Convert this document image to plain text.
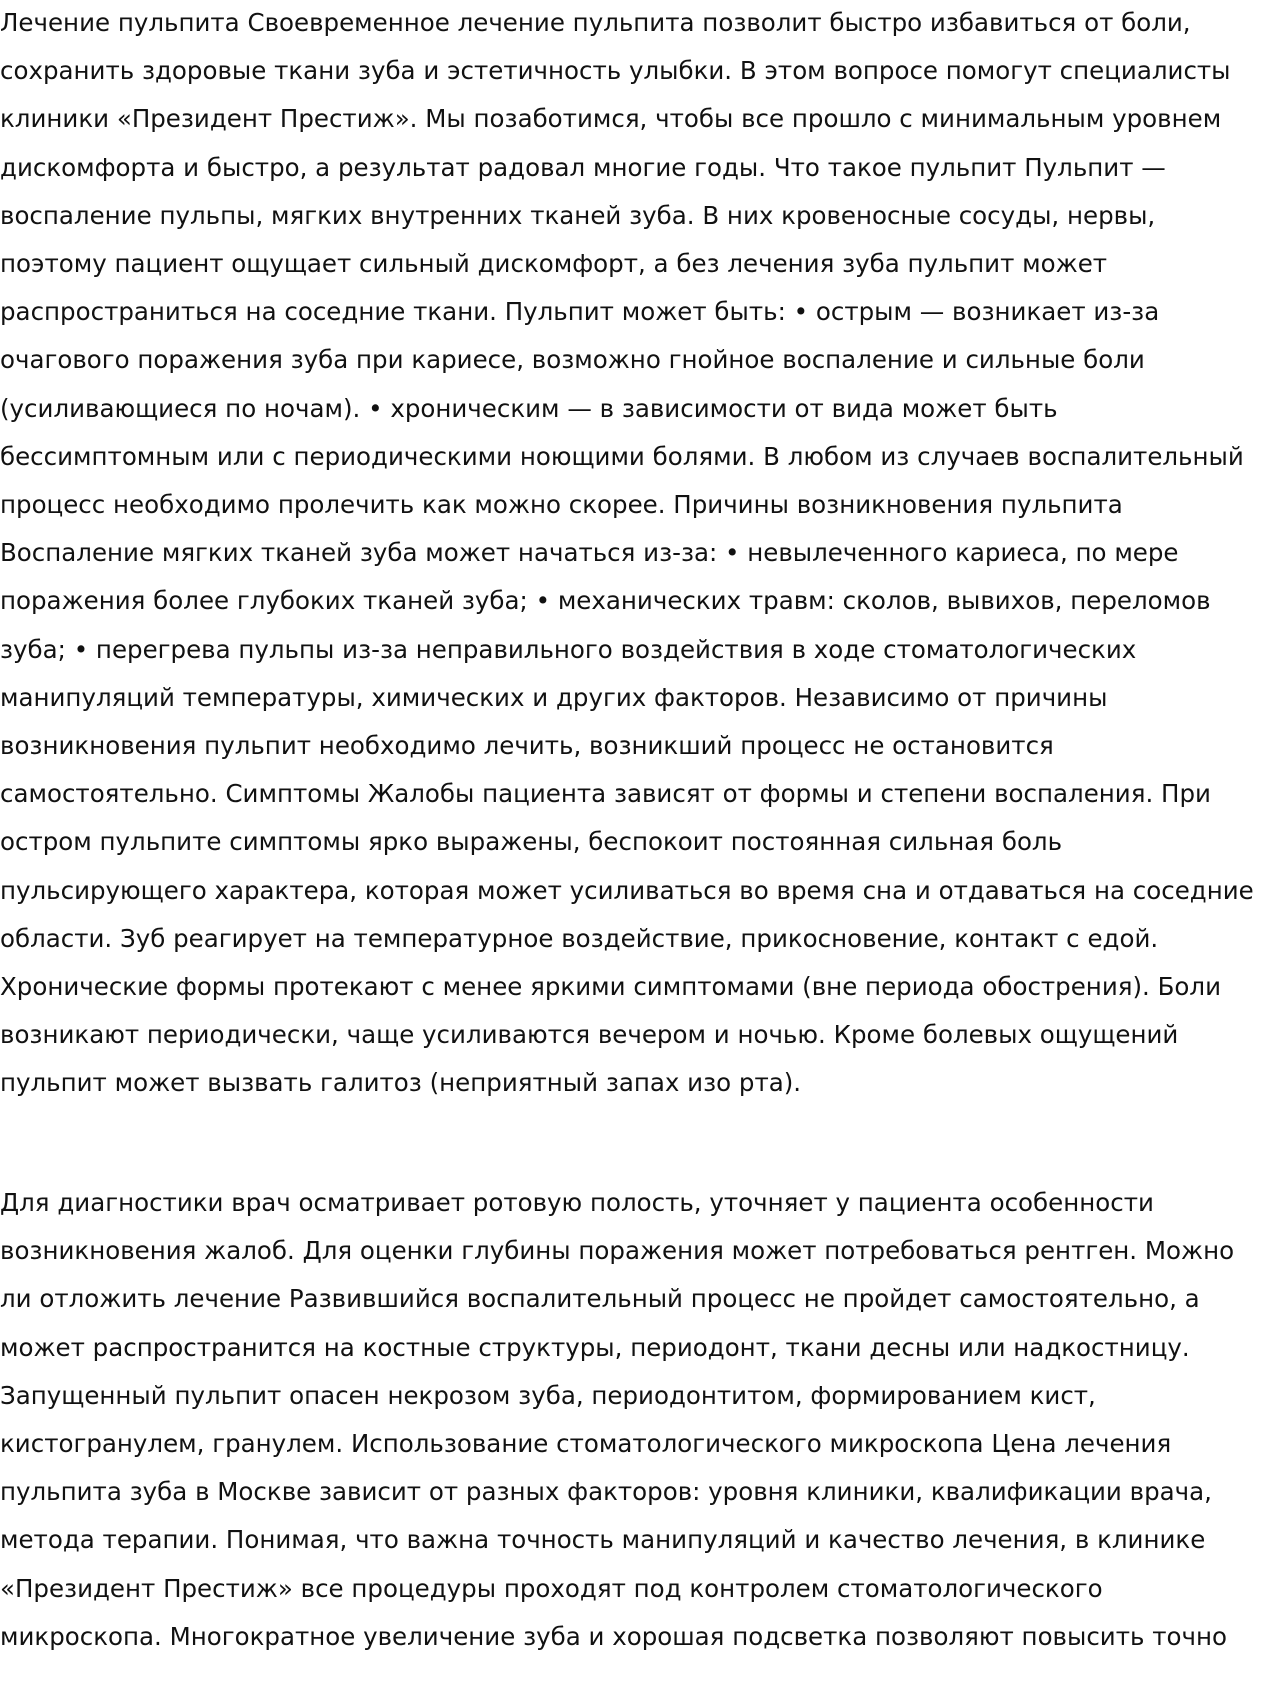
Лечение пульпита Своевременное лечение пульпита позволит быстро избавиться от боли, сохранить здоровые ткани зуба и эстетичность улыбки. В этом вопросе помогут специалисты клиники «Президент Престиж». Мы позаботимся, чтобы все прошло с минимальным уровнем дискомфорта и быстро, а результат радовал многие годы. Что такое пульпит Пульпит — воспаление пульпы, мягких внутренних тканей зуба. В них кровеносные сосуды, нервы, поэтому пациент ощущает сильный дискомфорт, а без лечения зуба пульпит может распространиться на соседние ткани. Пульпит может быть: • острым — возникает из-за очагового поражения зуба при кариесе, возможно гнойное воспаление и сильные боли (усиливающиеся по ночам). • хроническим — в зависимости от вида может быть бессимптомным или с периодическими ноющими болями. В любом из случаев воспалительный процесс необходимо пролечить как можно скорее. Причины возникновения пульпита Воспаление мягких тканей зуба может начаться из-за: • невылеченного кариеса, по мере поражения более глубоких тканей зуба; • механических травм: сколов, вывихов, переломов зуба; • перегрева пульпы из-за неправильного воздействия в ходе стоматологических манипуляций температуры, химических и других факторов. Независимо от причины возникновения пульпит необходимо лечить, возникший процесс не остановится самостоятельно. Симптомы Жалобы пациента зависят от формы и степени воспаления. При остром пульпите симптомы ярко выражены, беспокоит постоянная сильная боль пульсирующего характера, которая может усиливаться во время сна и отдаваться на соседние области. Зуб реагирует на температурное воздействие, прикосновение, контакт с едой. Хронические формы протекают с менее яркими симптомами (вне периода обострения). Боли возникают периодически, чаще усиливаются вечером и ночью. Кроме болевых ощущений пульпит может вызвать галитоз (неприятный запах изо рта).

Для диагностики врач осматривает ротовую полость, уточняет у пациента особенности возникновения жалоб. Для оценки глубины поражения может потребоваться рентген. Можно ли отложить лечение Развившийся воспалительный процесс не пройдет самостоятельно, а может распространится на костные структуры, периодонт, ткани десны или надкостницу. Запущенный пульпит опасен некрозом зуба, периодонтитом, формированием кист, кистогранулем, гранулем. Использование стоматологического микроскопа Цена лечения пульпита зуба в Москве зависит от разных факторов: уровня клиники, квалификации врача, метода терапии. Понимая, что важна точность манипуляций и качество лечения, в клинике «Президент Престиж» все процедуры проходят под контролем стоматологического микроскопа. Многократное увеличение зуба и хорошая подсветка позволяют повысить точно
